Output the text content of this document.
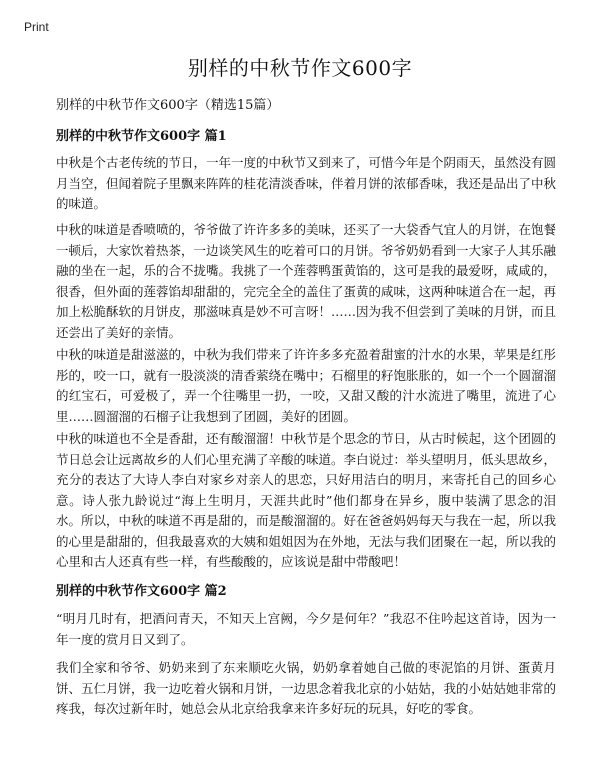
Print
别样的中秋节作文600字

别样的中秋节作文600字（精选15篇）

别样的中秋节作文600字 篇1

中秋是个古老传统的节日，一年一度的中秋节又到来了，可惜今年是个阴雨天，虽然没有圆月当空，但闻着院子里飘来阵阵的桂花清淡香味，伴着月饼的浓郁香味，我还是品出了中秋的味道。

中秋的味道是香喷喷的，爷爷做了许许多多的美味，还买了一大袋香气宜人的月饼，在饱餐一顿后，大家饮着热茶，一边谈笑风生的吃着可口的月饼。爷爷奶奶看到一大家子人其乐融融的坐在一起，乐的合不拢嘴。我挑了一个莲蓉鸭蛋黄馅的，这可是我的最爱呀，咸咸的，很香，但外面的莲蓉馅却甜甜的，完完全全的盖住了蛋黄的咸味，这两种味道合在一起，再加上松脆酥软的月饼皮，那滋味真是妙不可言呀！……因为我不但尝到了美味的月饼，而且还尝出了美好的亲情。

中秋的味道是甜滋滋的，中秋为我们带来了许许多多充盈着甜蜜的汁水的水果，苹果是红彤彤的，咬一口，就有一股淡淡的清香萦绕在嘴中；石榴里的籽饱胀胀的，如一个一个圆溜溜的红宝石，可爱极了，弄一个往嘴里一扔，一咬，又甜又酸的汁水流进了嘴里，流进了心里……圆溜溜的石榴子让我想到了团圆，美好的团圆。

中秋的味道也不全是香甜，还有酸溜溜！中秋节是个思念的节日，从古时候起，这个团圆的节日总会让远离故乡的人们心里充满了辛酸的味道。李白说过：举头望明月，低头思故乡，充分的表达了大诗人李白对家乡对亲人的思恋，只好用洁白的明月，来寄托自己的回乡心意。诗人张九龄说过“海上生明月，天涯共此时”他们都身在异乡，腹中装满了思念的泪水。所以，中秋的味道不再是甜的，而是酸溜溜的。好在爸爸妈妈每天与我在一起，所以我的心里是甜甜的，但我最喜欢的大姨和姐姐因为在外地，无法与我们团聚在一起，所以我的心里和古人还真有些一样，有些酸酸的，应该说是甜中带酸吧！

别样的中秋节作文600字 篇2

“明月几时有，把酒问青天，不知天上宫阙，今夕是何年？”我忍不住吟起这首诗，因为一年一度的赏月日又到了。

我们全家和爷爷、奶奶来到了东来顺吃火锅，奶奶拿着她自己做的枣泥馅的月饼、蛋黄月饼、五仁月饼，我一边吃着火锅和月饼，一边思念着我北京的小姑姑，我的小姑姑她非常的疼我，每次过新年时，她总会从北京给我拿来许多好玩的玩具，好吃的零食。
